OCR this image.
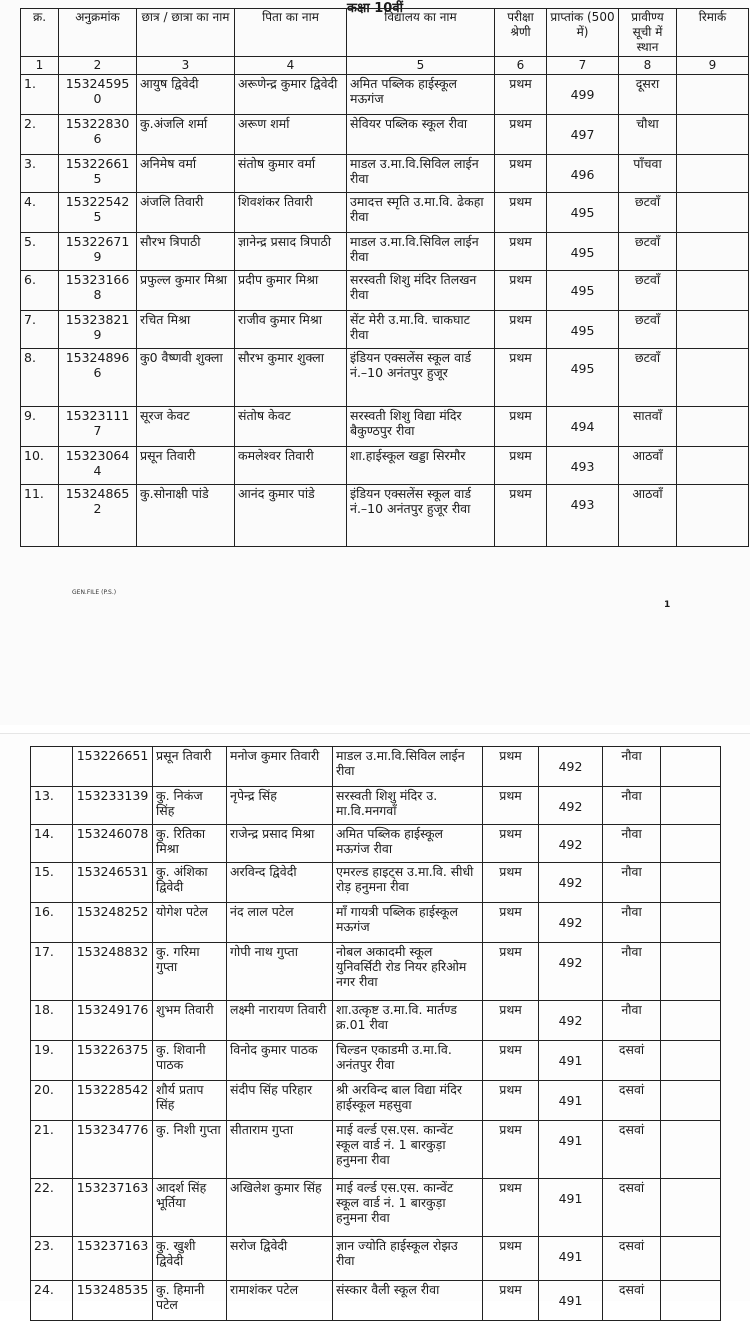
कक्षा 10वीं
क्र.	अनुक्रमांक	छात्र / छात्रा का नाम	पिता का नाम	विद्यालय का नाम	परीक्षा श्रेणी	प्राप्तांक (500 में)	प्रावीण्य सूची में स्थान	रिमार्क
1	2	3	4	5	6	7	8	9
1.	153245950	आयुष द्विवेदी	अरूणेन्द्र कुमार द्विवेदी	अमित पब्लिक हाईस्कूल मऊगंज	प्रथम	499	दूसरा	
2.	153228306	कु.अंजलि शर्मा	अरूण शर्मा	सेवियर पब्लिक स्कूल रीवा	प्रथम	497	चौथा	
3.	153226615	अनिमेष वर्मा	संतोष कुमार वर्मा	माडल उ.मा.वि.सिविल लाईन रीवा	प्रथम	496	पाँचवा	
4.	153225425	अंजलि तिवारी	शिवशंकर तिवारी	उमादत्त स्मृति उ.मा.वि. ढेकहा रीवा	प्रथम	495	छटवॉं	
5.	153226719	सौरभ त्रिपाठी	ज्ञानेन्द्र प्रसाद त्रिपाठी	माडल उ.मा.वि.सिविल लाईन रीवा	प्रथम	495	छटवॉं	
6.	153231668	प्रफुल्ल कुमार मिश्रा	प्रदीप कुमार मिश्रा	सरस्वती शिशु मंदिर तिलखन रीवा	प्रथम	495	छटवॉं	
7.	153238219	रचित मिश्रा	राजीव कुमार मिश्रा	सेंट मेरी उ.मा.वि. चाकघाट रीवा	प्रथम	495	छटवॉं	
8.	153248966	कु0 वैष्णवी शुक्ला	सौरभ कुमार शुक्ला	इंडियन एक्सलेंस स्कूल वार्ड नं.–10 अनंतपुर हुजूर	प्रथम	495	छटवॉं	
9.	153231117	सूरज केवट	संतोष केवट	सरस्वती शिशु विद्या मंदिर बैकुण्ठपुर रीवा	प्रथम	494	सातवॉं	
10.	153230644	प्रसून तिवारी	कमलेश्वर तिवारी	शा.हाईस्कूल खड्डा सिरमौर	प्रथम	493	आठवॉं	
11.	153248652	कु.सोनाक्षी पांडे	आनंद कुमार पांडे	इंडियन एक्सलेंस स्कूल वार्ड नं.–10 अनंतपुर हुजूर रीवा	प्रथम	493	आठवॉं	
GEN.FILE (P.S.)
1
	153226651	प्रसून तिवारी	मनोज कुमार तिवारी	माडल उ.मा.वि.सिविल लाईन रीवा	प्रथम	492	नौवा	
13.	153233139	कु. निकंज सिंह	नृपेन्द्र सिंह	सरस्वती शिशु मंदिर उ. मा.वि.मनगवॉं	प्रथम	492	नौवा	
14.	153246078	कु. रितिका मिश्रा	राजेन्द्र प्रसाद मिश्रा	अमित पब्लिक हाईस्कूल मऊगंज रीवा	प्रथम	492	नौवा	
15.	153246531	कु. अंशिका द्विवेदी	अरविन्द द्विवेदी	एमरल्ड हाइट्स उ.मा.वि. सीधी रोड़ हनुमना रीवा	प्रथम	492	नौवा	
16.	153248252	योगेश पटेल	नंद लाल पटेल	माँ गायत्री पब्लिक हाईस्कूल मऊगंज	प्रथम	492	नौवा	
17.	153248832	कु. गरिमा गुप्ता	गोपी नाथ गुप्ता	नोबल अकादमी स्कूल युनिवर्सिटी रोड नियर हरिओम नगर रीवा	प्रथम	492	नौवा	
18.	153249176	शुभम तिवारी	लक्ष्मी नारायण तिवारी	शा.उत्कृष्ट उ.मा.वि. मार्तण्ड क्र.01 रीवा	प्रथम	492	नौवा	
19.	153226375	कु. शिवानी पाठक	विनोद कुमार पाठक	चिल्डन एकाडमी उ.मा.वि. अनंतपुर रीवा	प्रथम	491	दसवां	
20.	153228542	शौर्य प्रताप सिंह	संदीप सिंह परिहार	श्री अरविन्द बाल विद्या मंदिर हाईस्कूल महसुवा	प्रथम	491	दसवां	
21.	153234776	कु. निशी गुप्ता	सीताराम गुप्ता	माई वर्ल्ड एस.एस. कान्वेंट स्कूल वार्ड नं. 1 बारकुड़ा हनुमना रीवा	प्रथम	491	दसवां	
22.	153237163	आदर्श सिंह भूर्तिया	अखिलेश कुमार सिंह	माई वर्ल्ड एस.एस. कान्वेंट स्कूल वार्ड नं. 1 बारकुड़ा हनुमना रीवा	प्रथम	491	दसवां	
23.	153237163	कु. खुशी द्विवेदी	सरोज द्विवेदी	ज्ञान ज्योति हाईस्कूल रोझउ रीवा	प्रथम	491	दसवां	
24.	153248535	कु. हिमानी पटेल	रामाशंकर पटेल	संस्कार वैली स्कूल रीवा	प्रथम	491	दसवां	
